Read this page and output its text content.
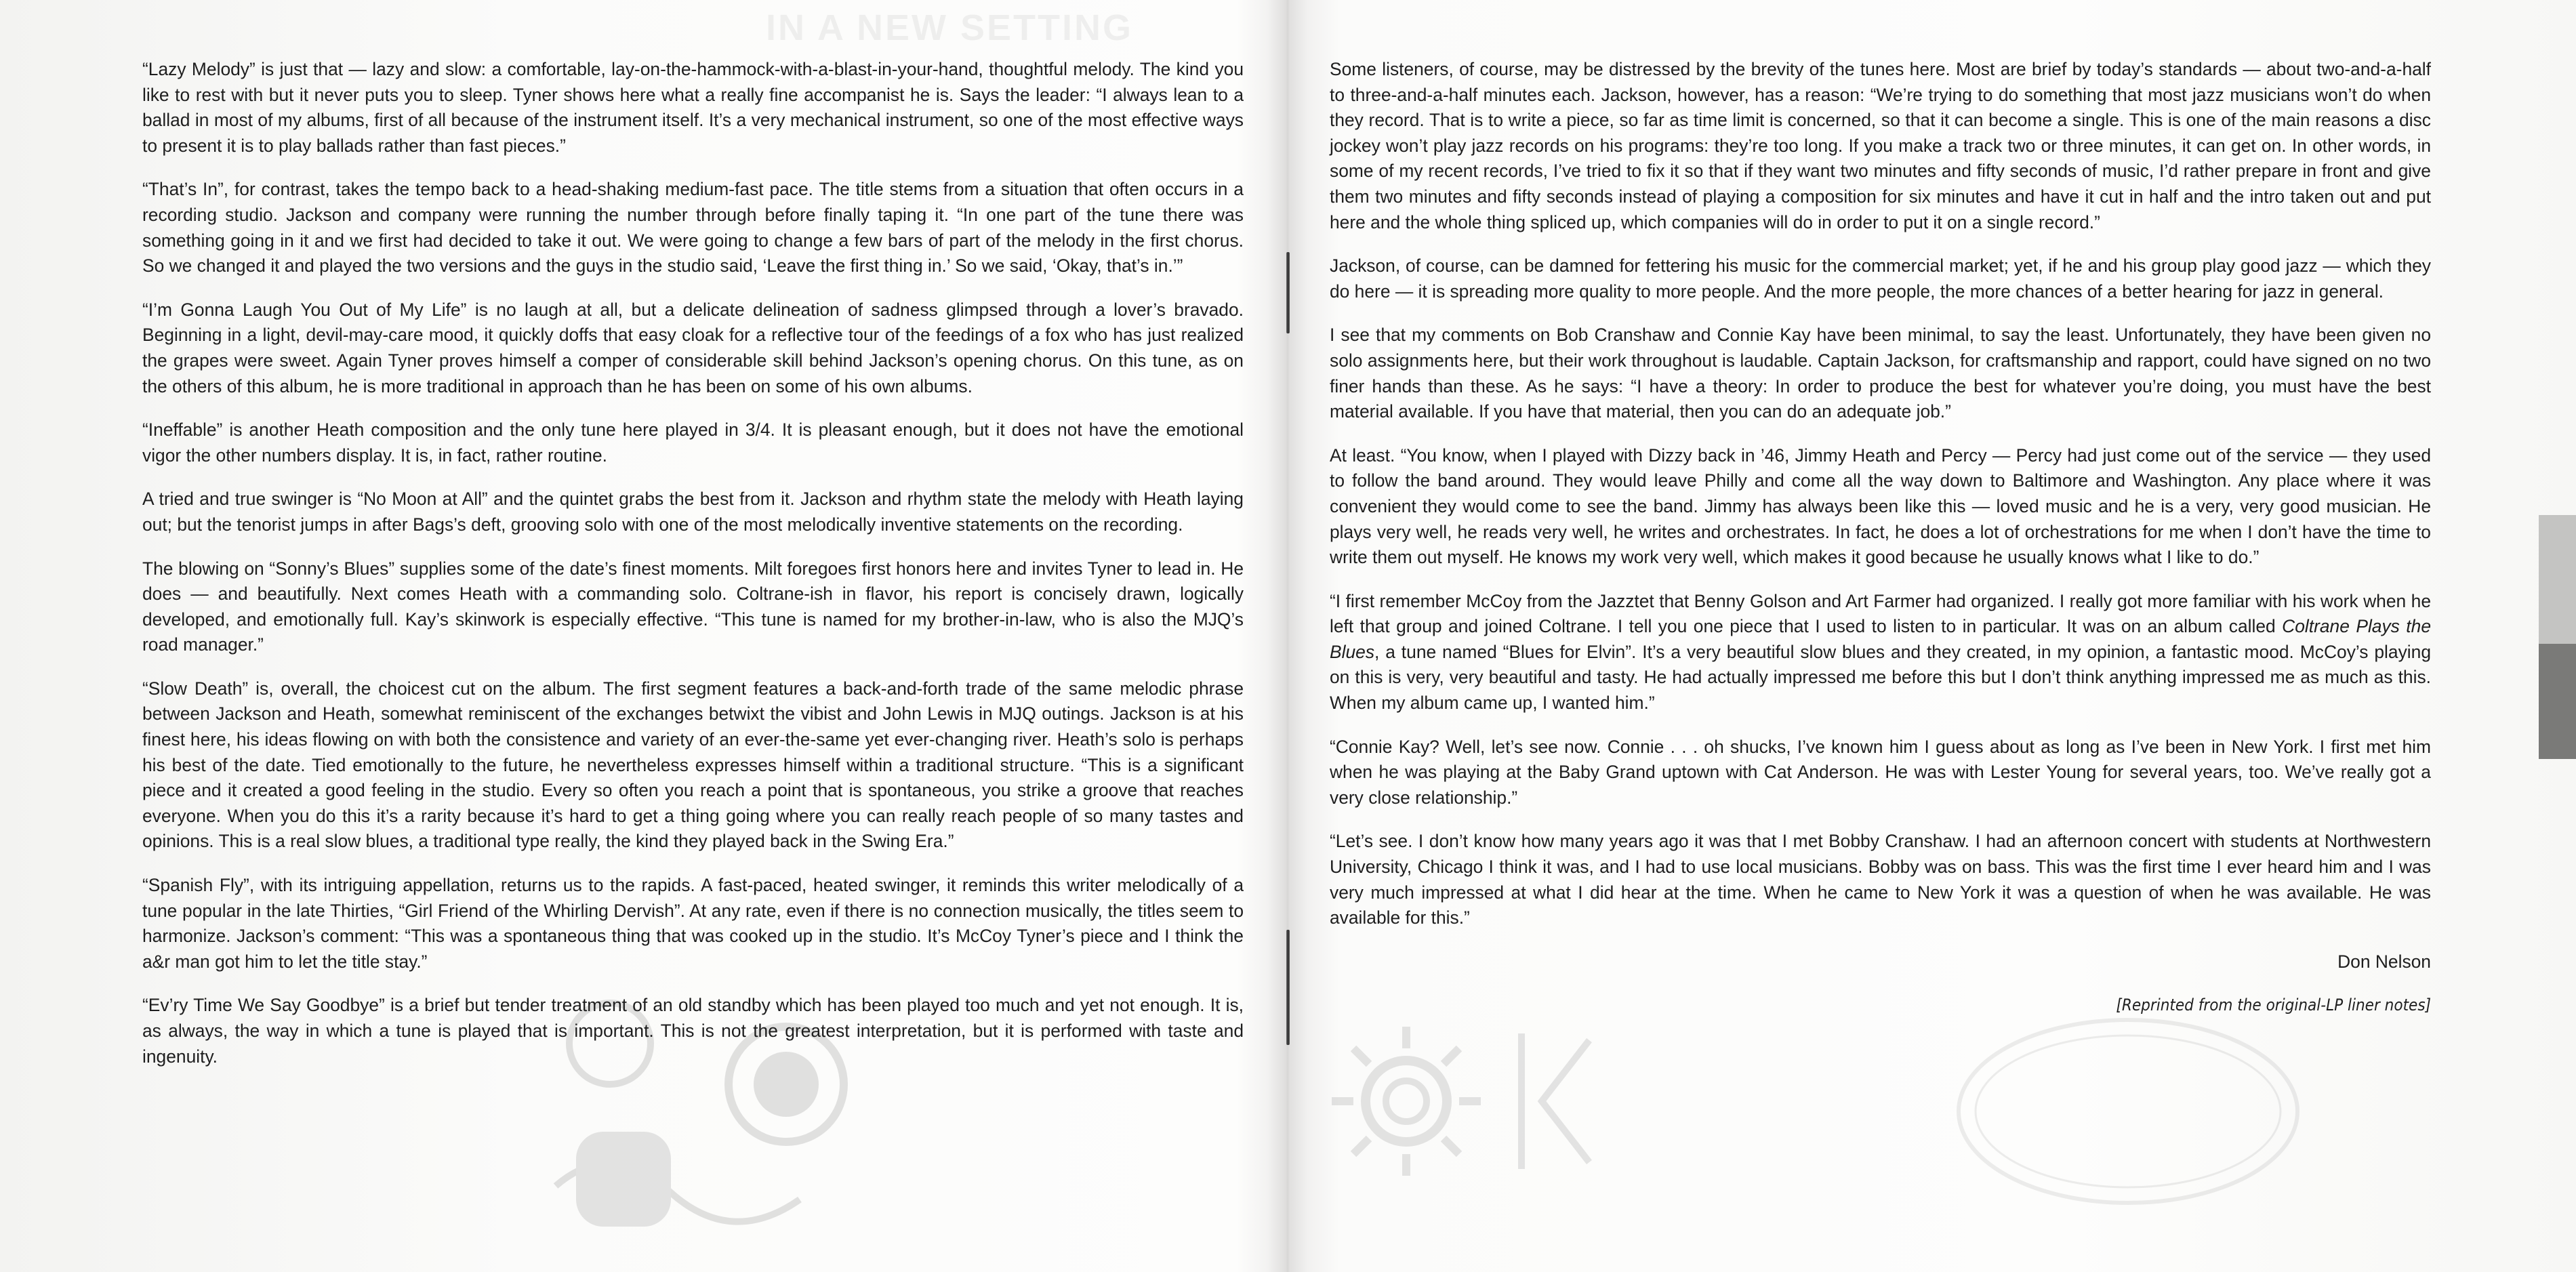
“Lazy Melody” is just that — lazy and slow: a comfortable, lay-on-the-hammock-with-a-blast-in-your-hand, thoughtful melody. The kind you like to rest with but it never puts you to sleep. Tyner shows here what a really fine accompanist he is. Says the leader: “I always lean to a ballad in most of my albums, first of all because of the instrument itself. It’s a very mechanical instrument, so one of the most effective ways to present it is to play ballads rather than fast pieces.”

“That’s In”, for contrast, takes the tempo back to a head-shaking medium-fast pace. The title stems from a situation that often occurs in a recording studio. Jackson and company were running the number through before finally taping it. “In one part of the tune there was something going in it and we first had decided to take it out. We were going to change a few bars of part of the melody in the first chorus. So we changed it and played the two versions and the guys in the studio said, ‘Leave the first thing in.’ So we said, ‘Okay, that’s in.’”

“I’m Gonna Laugh You Out of My Life” is no laugh at all, but a delicate delineation of sadness glimpsed through a lover’s bravado. Beginning in a light, devil-may-care mood, it quickly doffs that easy cloak for a reflective tour of the feedings of a fox who has just realized the grapes were sweet. Again Tyner proves himself a comper of considerable skill behind Jackson’s opening chorus. On this tune, as on the others of this album, he is more traditional in approach than he has been on some of his own albums.

“Ineffable” is another Heath composition and the only tune here played in 3/4. It is pleasant enough, but it does not have the emotional vigor the other numbers display. It is, in fact, rather routine.

A tried and true swinger is “No Moon at All” and the quintet grabs the best from it. Jackson and rhythm state the melody with Heath laying out; but the tenorist jumps in after Bags’s deft, grooving solo with one of the most melodically inventive statements on the recording.

The blowing on “Sonny’s Blues” supplies some of the date’s finest moments. Milt foregoes first honors here and invites Tyner to lead in. He does — and beautifully. Next comes Heath with a commanding solo. Coltrane-ish in flavor, his report is concisely drawn, logically developed, and emotionally full. Kay’s skinwork is especially effective. “This tune is named for my brother-in-law, who is also the MJQ’s road manager.”

“Slow Death” is, overall, the choicest cut on the album. The first segment features a back-and-forth trade of the same melodic phrase between Jackson and Heath, somewhat reminiscent of the exchanges betwixt the vibist and John Lewis in MJQ outings. Jackson is at his finest here, his ideas flowing on with both the consistence and variety of an ever-the-same yet ever-changing river. Heath’s solo is perhaps his best of the date. Tied emotionally to the future, he nevertheless expresses himself within a traditional structure. “This is a significant piece and it created a good feeling in the studio. Every so often you reach a point that is spontaneous, you strike a groove that reaches everyone. When you do this it’s a rarity because it’s hard to get a thing going where you can really reach people of so many tastes and opinions. This is a real slow blues, a traditional type really, the kind they played back in the Swing Era.”

“Spanish Fly”, with its intriguing appellation, returns us to the rapids. A fast-paced, heated swinger, it reminds this writer melodically of a tune popular in the late Thirties, “Girl Friend of the Whirling Dervish”. At any rate, even if there is no connection musically, the titles seem to harmonize. Jackson’s comment: “This was a spontaneous thing that was cooked up in the studio. It’s McCoy Tyner’s piece and I think the a&r man got him to let the title stay.”

“Ev’ry Time We Say Goodbye” is a brief but tender treatment of an old standby which has been played too much and yet not enough. It is, as always, the way in which a tune is played that is important. This is not the greatest interpretation, but it is performed with taste and ingenuity.

Some listeners, of course, may be distressed by the brevity of the tunes here. Most are brief by today’s standards — about two-and-a-half to three-and-a-half minutes each. Jackson, however, has a reason: “We’re trying to do something that most jazz musicians won’t do when they record. That is to write a piece, so far as time limit is concerned, so that it can become a single. This is one of the main reasons a disc jockey won’t play jazz records on his programs: they’re too long. If you make a track two or three minutes, it can get on. In other words, in some of my recent records, I’ve tried to fix it so that if they want two minutes and fifty seconds of music, I’d rather prepare in front and give them two minutes and fifty seconds instead of playing a composition for six minutes and have it cut in half and the intro taken out and put here and the whole thing spliced up, which companies will do in order to put it on a single record.”

Jackson, of course, can be damned for fettering his music for the commercial market; yet, if he and his group play good jazz — which they do here — it is spreading more quality to more people. And the more people, the more chances of a better hearing for jazz in general.

I see that my comments on Bob Cranshaw and Connie Kay have been minimal, to say the least. Unfortunately, they have been given no solo assignments here, but their work throughout is laudable. Captain Jackson, for craftsmanship and rapport, could have signed on no two finer hands than these. As he says: “I have a theory: In order to produce the best for whatever you’re doing, you must have the best material available. If you have that material, then you can do an adequate job.”

At least. “You know, when I played with Dizzy back in ’46, Jimmy Heath and Percy — Percy had just come out of the service — they used to follow the band around. They would leave Philly and come all the way down to Baltimore and Washington. Any place where it was convenient they would come to see the band. Jimmy has always been like this — loved music and he is a very, very good musician. He plays very well, he reads very well, he writes and orchestrates. In fact, he does a lot of orchestrations for me when I don’t have the time to write them out myself. He knows my work very well, which makes it good because he usually knows what I like to do.”

“I first remember McCoy from the Jazztet that Benny Golson and Art Farmer had organized. I really got more familiar with his work when he left that group and joined Coltrane. I tell you one piece that I used to listen to in particular. It was on an album called Coltrane Plays the Blues, a tune named “Blues for Elvin”. It’s a very beautiful slow blues and they created, in my opinion, a fantastic mood. McCoy’s playing on this is very, very beautiful and tasty. He had actually impressed me before this but I don’t think anything impressed me as much as this. When my album came up, I wanted him.”

“Connie Kay? Well, let’s see now. Connie . . . oh shucks, I’ve known him I guess about as long as I’ve been in New York. I first met him when he was playing at the Baby Grand uptown with Cat Anderson. He was with Lester Young for several years, too. We’ve really got a very close relationship.”

“Let’s see. I don’t know how many years ago it was that I met Bobby Cranshaw. I had an afternoon concert with students at Northwestern University, Chicago I think it was, and I had to use local musicians. Bobby was on bass. This was the first time I ever heard him and I was very much impressed at what I did hear at the time. When he came to New York it was a question of when he was available. He was available for this.”

Don Nelson

[Reprinted from the original-LP liner notes]
